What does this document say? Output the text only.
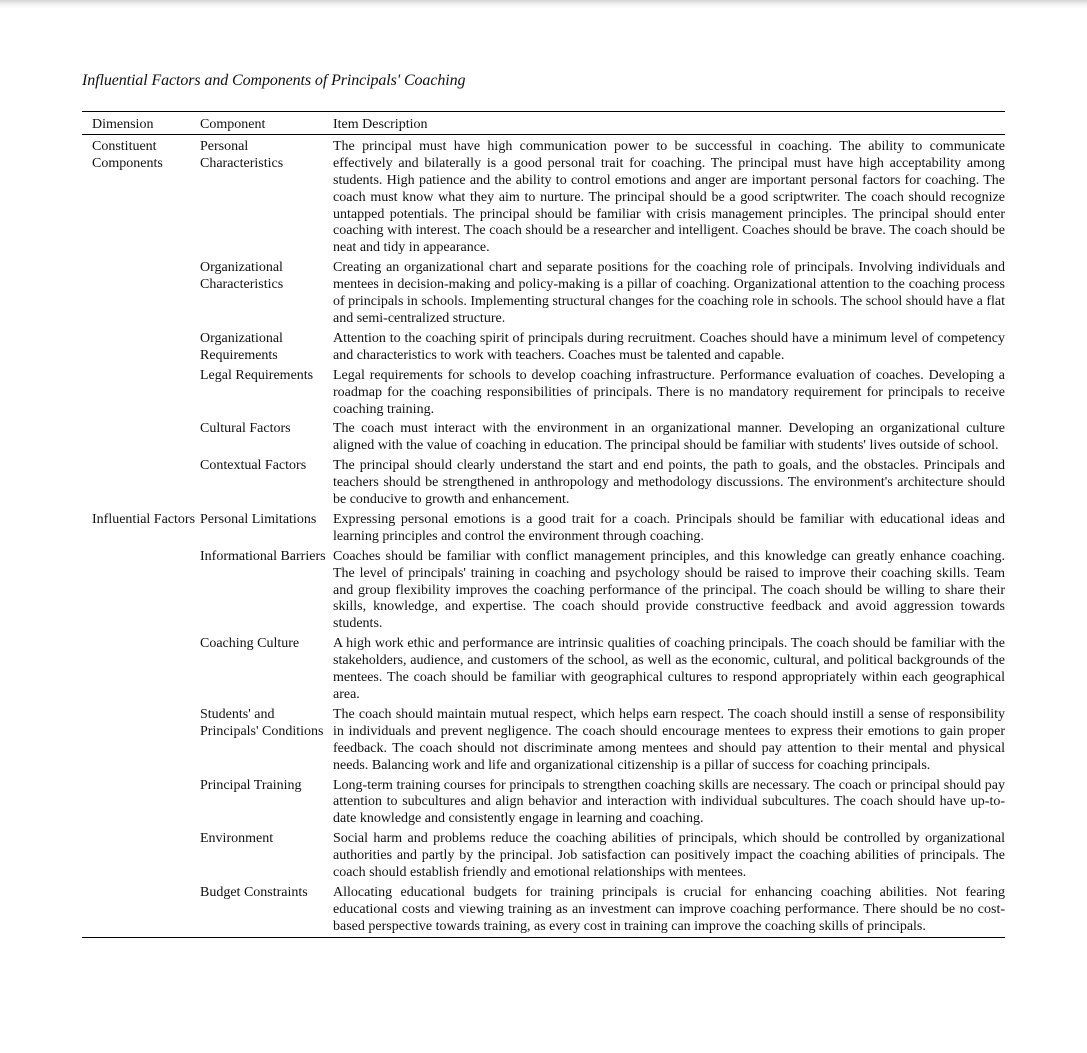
Influential Factors and Components of Principals' Coaching
Dimension	Component	Item Description
Constituent Components	Personal Characteristics	The principal must have high communication power to be successful in coaching. The ability to communicate effectively and bilaterally is a good personal trait for coaching. The principal must have high acceptability among students. High patience and the ability to control emotions and anger are important personal factors for coaching. The coach must know what they aim to nurture. The principal should be a good scriptwriter. The coach should recognize untapped potentials. The principal should be familiar with crisis management principles. The principal should enter coaching with interest. The coach should be a researcher and intelligent. Coaches should be brave. The coach should be neat and tidy in appearance.
	Organizational Characteristics	Creating an organizational chart and separate positions for the coaching role of principals. Involving individuals and mentees in decision-making and policy-making is a pillar of coaching. Organizational attention to the coaching process of principals in schools. Implementing structural changes for the coaching role in schools. The school should have a flat and semi-centralized structure.
	Organizational Requirements	Attention to the coaching spirit of principals during recruitment. Coaches should have a minimum level of competency and characteristics to work with teachers. Coaches must be talented and capable.
	Legal Requirements	Legal requirements for schools to develop coaching infrastructure. Performance evaluation of coaches. Developing a roadmap for the coaching responsibilities of principals. There is no mandatory requirement for principals to receive coaching training.
	Cultural Factors	The coach must interact with the environment in an organizational manner. Developing an organizational culture aligned with the value of coaching in education. The principal should be familiar with students' lives outside of school.
	Contextual Factors	The principal should clearly understand the start and end points, the path to goals, and the obstacles. Principals and teachers should be strengthened in anthropology and methodology discussions. The environment's architecture should be conducive to growth and enhancement.
Influential Factors	Personal Limitations	Expressing personal emotions is a good trait for a coach. Principals should be familiar with educational ideas and learning principles and control the environment through coaching.
	Informational Barriers	Coaches should be familiar with conflict management principles, and this knowledge can greatly enhance coaching. The level of principals' training in coaching and psychology should be raised to improve their coaching skills. Team and group flexibility improves the coaching performance of the principal. The coach should be willing to share their skills, knowledge, and expertise. The coach should provide constructive feedback and avoid aggression towards students.
	Coaching Culture	A high work ethic and performance are intrinsic qualities of coaching principals. The coach should be familiar with the stakeholders, audience, and customers of the school, as well as the economic, cultural, and political backgrounds of the mentees. The coach should be familiar with geographical cultures to respond appropriately within each geographical area.
	Students' and Principals' Conditions	The coach should maintain mutual respect, which helps earn respect. The coach should instill a sense of responsibility in individuals and prevent negligence. The coach should encourage mentees to express their emotions to gain proper feedback. The coach should not discriminate among mentees and should pay attention to their mental and physical needs. Balancing work and life and organizational citizenship is a pillar of success for coaching principals.
	Principal Training	Long-term training courses for principals to strengthen coaching skills are necessary. The coach or principal should pay attention to subcultures and align behavior and interaction with individual subcultures. The coach should have up-to-date knowledge and consistently engage in learning and coaching.
	Environment	Social harm and problems reduce the coaching abilities of principals, which should be controlled by organizational authorities and partly by the principal. Job satisfaction can positively impact the coaching abilities of principals. The coach should establish friendly and emotional relationships with mentees.
	Budget Constraints	Allocating educational budgets for training principals is crucial for enhancing coaching abilities. Not fearing educational costs and viewing training as an investment can improve coaching performance. There should be no cost-based perspective towards training, as every cost in training can improve the coaching skills of principals.
